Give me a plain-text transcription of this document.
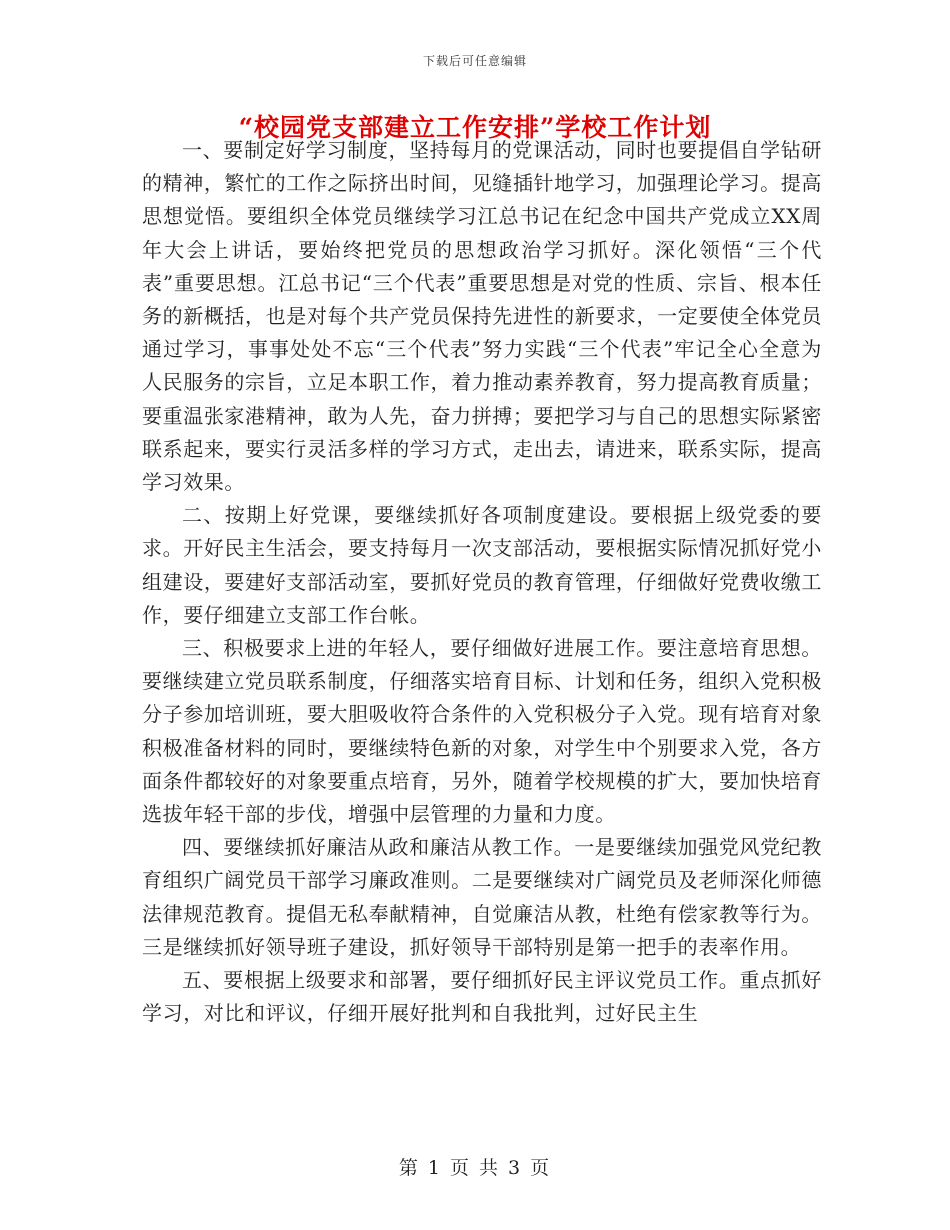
下载后可任意编辑
“校园党支部建立工作安排”学校工作计划

一、要制定好学习制度，坚持每月的党课活动，同时也要提倡自学钻研的精神，繁忙的工作之际挤出时间，见缝插针地学习，加强理论学习。提高思想觉悟。要组织全体党员继续学习江总书记在纪念中国共产党成立XX周年大会上讲话，要始终把党员的思想政治学习抓好。深化领悟“三个代表”重要思想。江总书记“三个代表”重要思想是对党的性质、宗旨、根本任务的新概括，也是对每个共产党员保持先进性的新要求，一定要使全体党员通过学习，事事处处不忘“三个代表”努力实践“三个代表”牢记全心全意为人民服务的宗旨，立足本职工作，着力推动素养教育，努力提高教育质量；要重温张家港精神，敢为人先，奋力拼搏；要把学习与自己的思想实际紧密联系起来，要实行灵活多样的学习方式，走出去，请进来，联系实际，提高学习效果。

二、按期上好党课，要继续抓好各项制度建设。要根据上级党委的要求。开好民主生活会，要支持每月一次支部活动，要根据实际情况抓好党小组建设，要建好支部活动室，要抓好党员的教育管理，仔细做好党费收缴工作，要仔细建立支部工作台帐。

三、积极要求上进的年轻人，要仔细做好进展工作。要注意培育思想。要继续建立党员联系制度，仔细落实培育目标、计划和任务，组织入党积极分子参加培训班，要大胆吸收符合条件的入党积极分子入党。现有培育对象积极准备材料的同时，要继续特色新的对象，对学生中个别要求入党，各方面条件都较好的对象要重点培育，另外，随着学校规模的扩大，要加快培育选拔年轻干部的步伐，增强中层管理的力量和力度。

四、要继续抓好廉洁从政和廉洁从教工作。一是要继续加强党风党纪教育组织广阔党员干部学习廉政准则。二是要继续对广阔党员及老师深化师德法律规范教育。提倡无私奉献精神，自觉廉洁从教，杜绝有偿家教等行为。三是继续抓好领导班子建设，抓好领导干部特别是第一把手的表率作用。

五、要根据上级要求和部署，要仔细抓好民主评议党员工作。重点抓好学习，对比和评议，仔细开展好批判和自我批判，过好民主生

第 1 页 共 3 页
